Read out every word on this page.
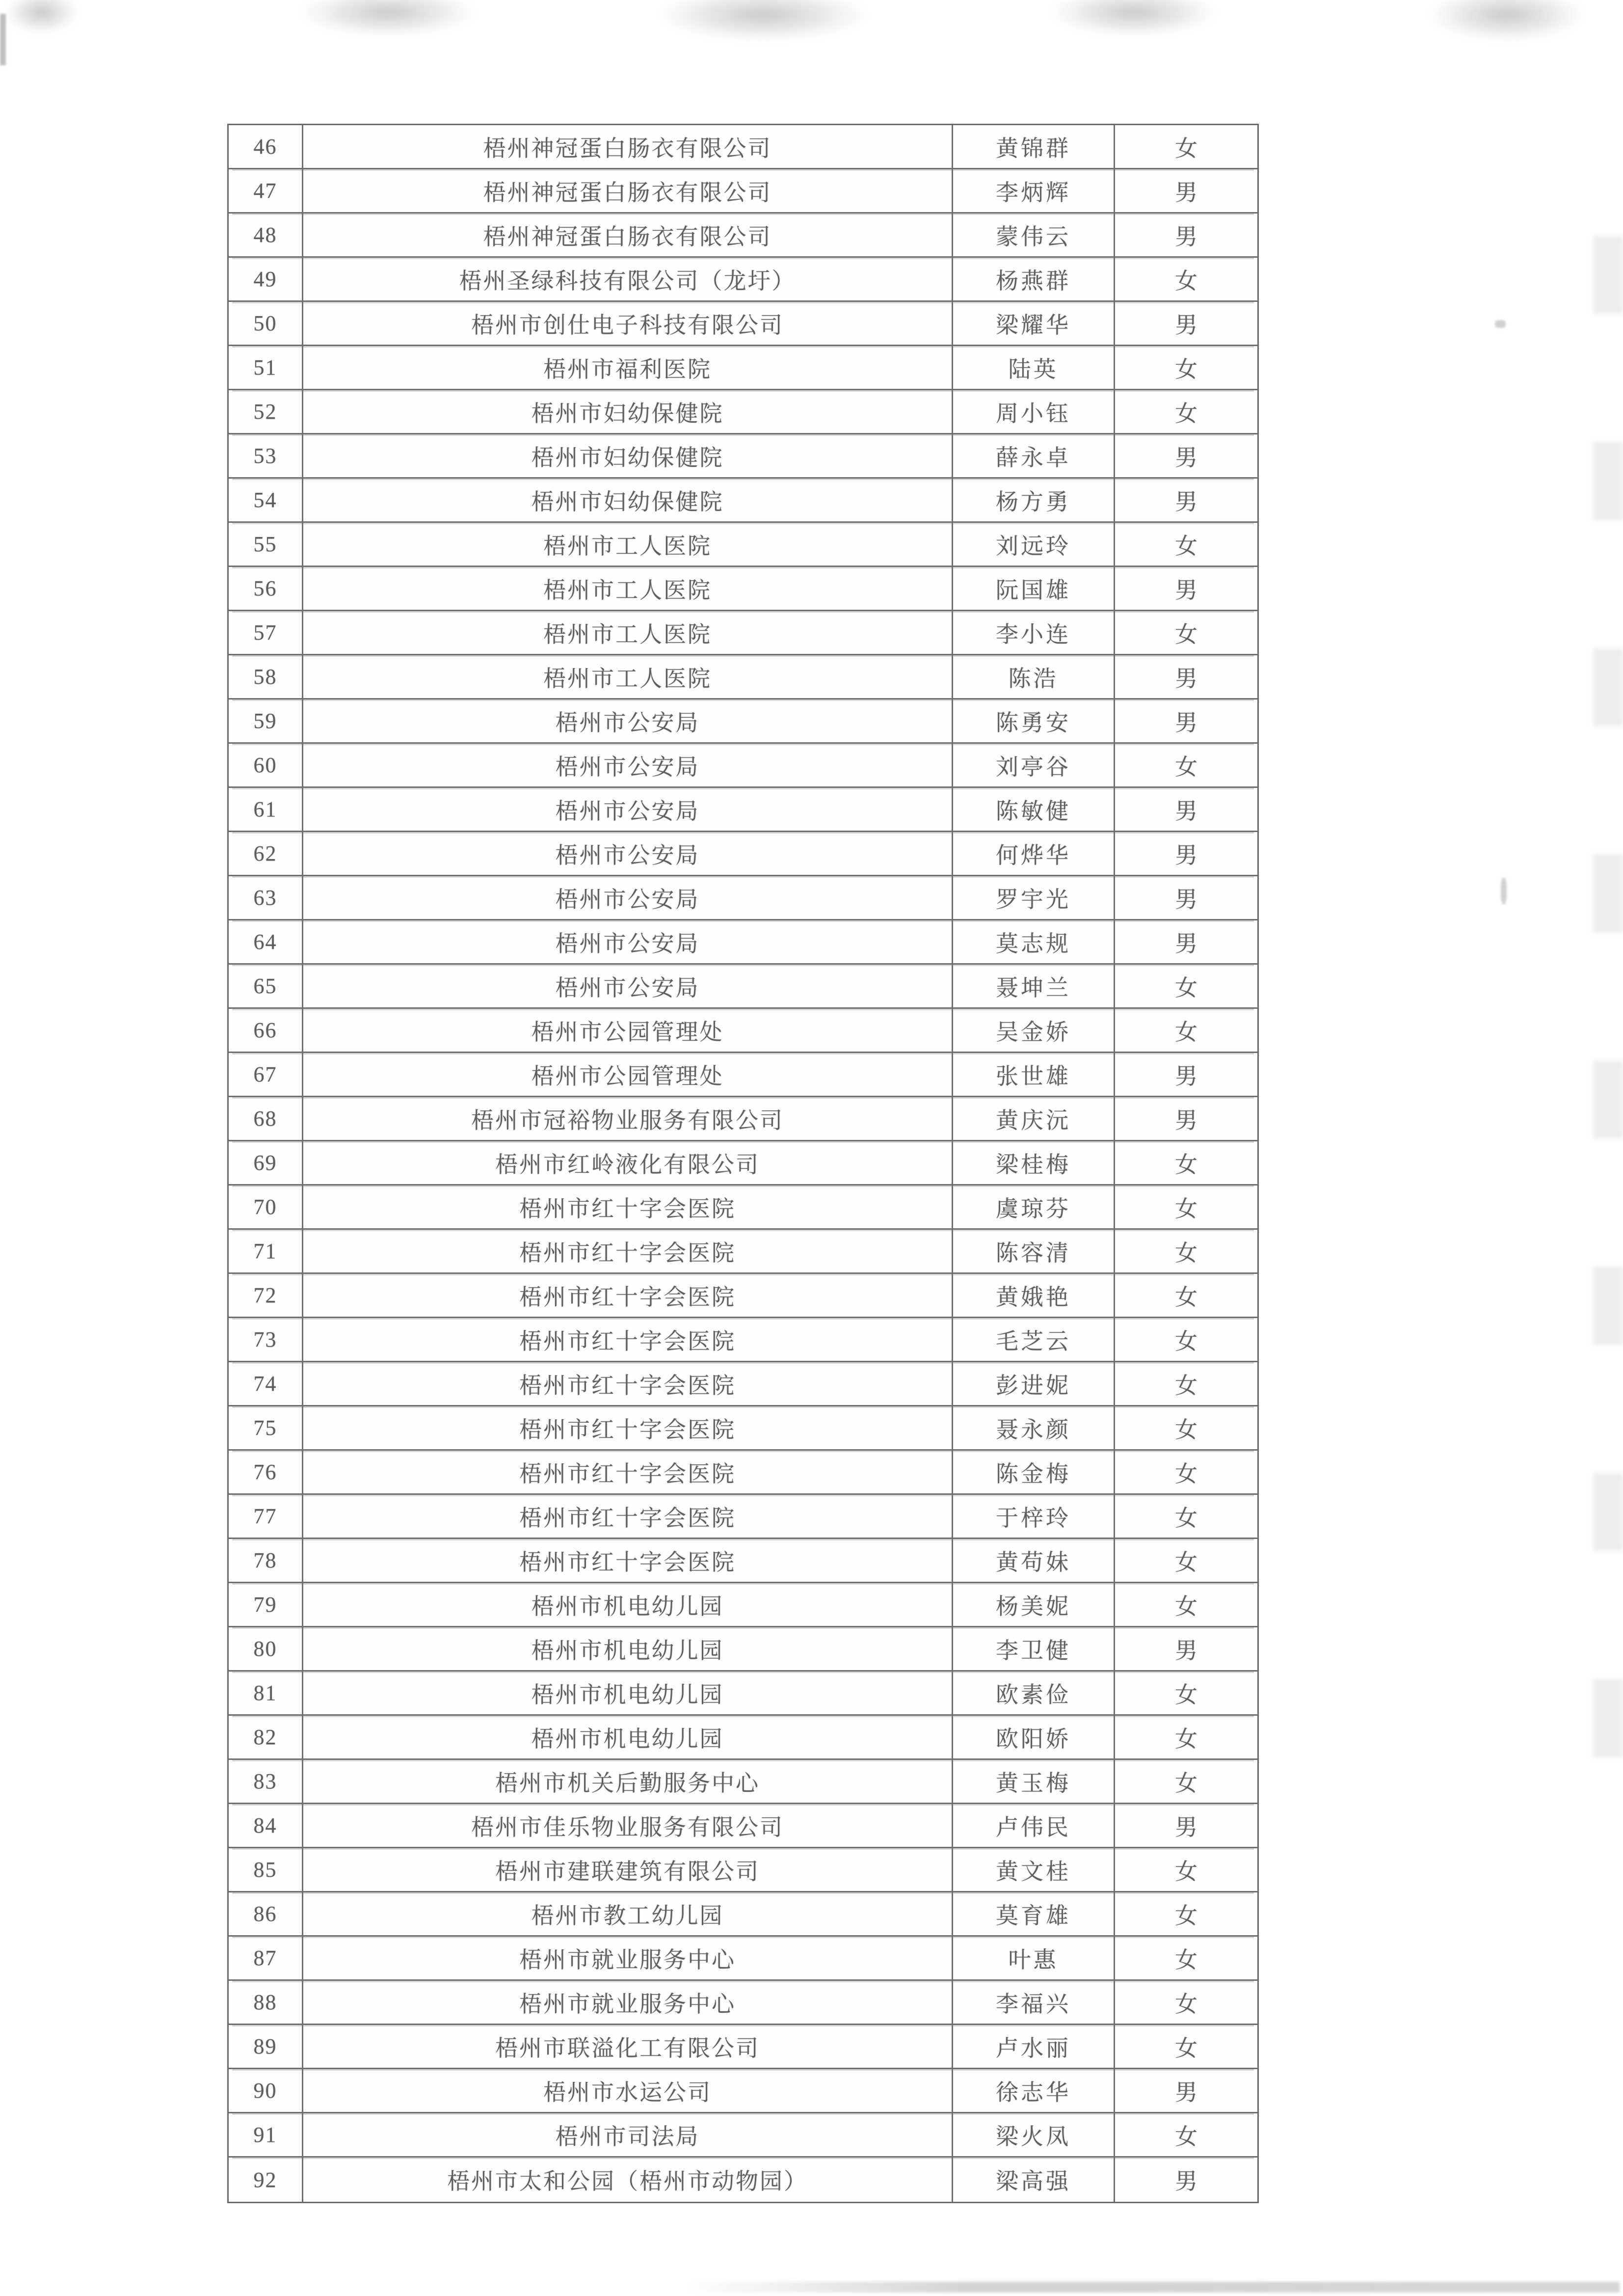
46	梧州神冠蛋白肠衣有限公司	黄锦群	女
47	梧州神冠蛋白肠衣有限公司	李炳辉	男
48	梧州神冠蛋白肠衣有限公司	蒙伟云	男
49	梧州圣绿科技有限公司（龙圩）	杨燕群	女
50	梧州市创仕电子科技有限公司	梁耀华	男
51	梧州市福利医院	陆英	女
52	梧州市妇幼保健院	周小钰	女
53	梧州市妇幼保健院	薛永卓	男
54	梧州市妇幼保健院	杨方勇	男
55	梧州市工人医院	刘远玲	女
56	梧州市工人医院	阮国雄	男
57	梧州市工人医院	李小连	女
58	梧州市工人医院	陈浩	男
59	梧州市公安局	陈勇安	男
60	梧州市公安局	刘亭谷	女
61	梧州市公安局	陈敏健	男
62	梧州市公安局	何烨华	男
63	梧州市公安局	罗宇光	男
64	梧州市公安局	莫志规	男
65	梧州市公安局	聂坤兰	女
66	梧州市公园管理处	吴金娇	女
67	梧州市公园管理处	张世雄	男
68	梧州市冠裕物业服务有限公司	黄庆沅	男
69	梧州市红岭液化有限公司	梁桂梅	女
70	梧州市红十字会医院	虞琼芬	女
71	梧州市红十字会医院	陈容清	女
72	梧州市红十字会医院	黄娥艳	女
73	梧州市红十字会医院	毛芝云	女
74	梧州市红十字会医院	彭进妮	女
75	梧州市红十字会医院	聂永颜	女
76	梧州市红十字会医院	陈金梅	女
77	梧州市红十字会医院	于梓玲	女
78	梧州市红十字会医院	黄苟妹	女
79	梧州市机电幼儿园	杨美妮	女
80	梧州市机电幼儿园	李卫健	男
81	梧州市机电幼儿园	欧素俭	女
82	梧州市机电幼儿园	欧阳娇	女
83	梧州市机关后勤服务中心	黄玉梅	女
84	梧州市佳乐物业服务有限公司	卢伟民	男
85	梧州市建联建筑有限公司	黄文桂	女
86	梧州市教工幼儿园	莫育雄	女
87	梧州市就业服务中心	叶惠	女
88	梧州市就业服务中心	李福兴	女
89	梧州市联溢化工有限公司	卢水丽	女
90	梧州市水运公司	徐志华	男
91	梧州市司法局	梁火凤	女
92	梧州市太和公园（梧州市动物园）	梁高强	男
